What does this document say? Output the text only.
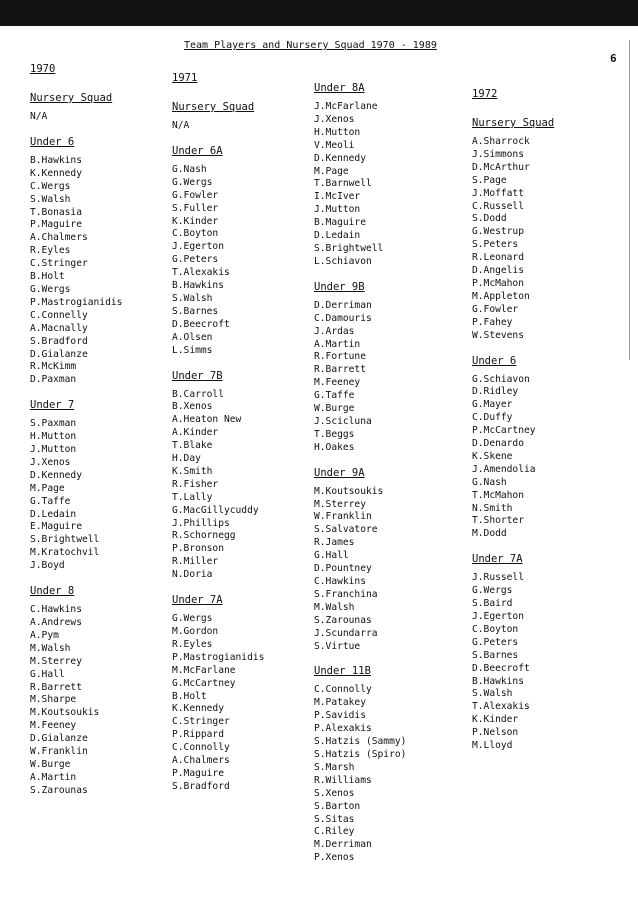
Team Players and Nursery Squad 1970 - 1989
6
1970
Nursery Squad
N/A
Under 6
B.Hawkins
K.Kennedy
C.Wergs
S.Walsh
T.Bonasia
P.Maguire
A.Chalmers
R.Eyles
C.Stringer
B.Holt
G.Wergs
P.Mastrogianidis
C.Connelly
A.Macnally
S.Bradford
D.Gialanze
R.McKimm
D.Paxman
Under 7
S.Paxman
H.Mutton
J.Mutton
J.Xenos
D.Kennedy
M.Page
G.Taffe
D.Ledain
E.Maguire
S.Brightwell
M.Kratochvil
J.Boyd
Under 8
C.Hawkins
A.Andrews
A.Pym
M.Walsh
M.Sterrey
G.Hall
R.Barrett
M.Sharpe
M.Koutsoukis
M.Feeney
D.Gialanze
W.Franklin
W.Burge
A.Martin
S.Zarounas
1971
Nursery Squad
N/A
Under 6A
G.Nash
G.Wergs
G.Fowler
S.Fuller
K.Kinder
C.Boyton
J.Egerton
G.Peters
T.Alexakis
B.Hawkins
S.Walsh
S.Barnes
D.Beecroft
A.Olsen
L.Simms
Under 7B
B.Carroll
B.Xenos
A.Heaton New
A.Kinder
T.Blake
H.Day
K.Smith
R.Fisher
T.Lally
G.MacGillycuddy
J.Phillips
R.Schornegg
P.Bronson
R.Miller
N.Doria
Under 7A
G.Wergs
M.Gordon
R.Eyles
P.Mastrogianidis
M.McFarlane
G.McCartney
B.Holt
K.Kennedy
C.Stringer
P.Rippard
C.Connolly
A.Chalmers
P.Maguire
S.Bradford
Under 8A
J.McFarlane
J.Xenos
H.Mutton
V.Meoli
D.Kennedy
M.Page
T.Barnwell
I.McIver
J.Mutton
B.Maguire
D.Ledain
S.Brightwell
L.Schiavon
Under 9B
D.Derriman
C.Damouris
J.Ardas
A.Martin
R.Fortune
R.Barrett
M.Feeney
G.Taffe
W.Burge
J.Scicluna
T.Beggs
H.Oakes
Under 9A
M.Koutsoukis
M.Sterrey
W.Franklin
S.Salvatore
R.James
G.Hall
D.Pountney
C.Hawkins
S.Franchina
M.Walsh
S.Zarounas
J.Scundarra
S.Virtue
Under 11B
C.Connolly
M.Patakey
P.Savidis
P.Alexakis
S.Hatzis (Sammy)
S.Hatzis (Spiro)
S.Marsh
R.Williams
S.Xenos
S.Barton
S.Sitas
C.Riley
M.Derriman
P.Xenos
1972
Nursery Squad
A.Sharrock
J.Simmons
D.McArthur
S.Page
J.Moffatt
C.Russell
S.Dodd
G.Westrup
S.Peters
R.Leonard
D.Angelis
P.McMahon
M.Appleton
G.Fowler
P.Fahey
W.Stevens
Under 6
G.Schiavon
D.Ridley
G.Mayer
C.Duffy
P.McCartney
D.Denardo
K.Skene
J.Amendolia
G.Nash
T.McMahon
N.Smith
T.Shorter
M.Dodd
Under 7A
J.Russell
G.Wergs
S.Baird
J.Egerton
C.Boyton
G.Peters
S.Barnes
D.Beecroft
B.Hawkins
S.Walsh
T.Alexakis
K.Kinder
P.Nelson
M.Lloyd
